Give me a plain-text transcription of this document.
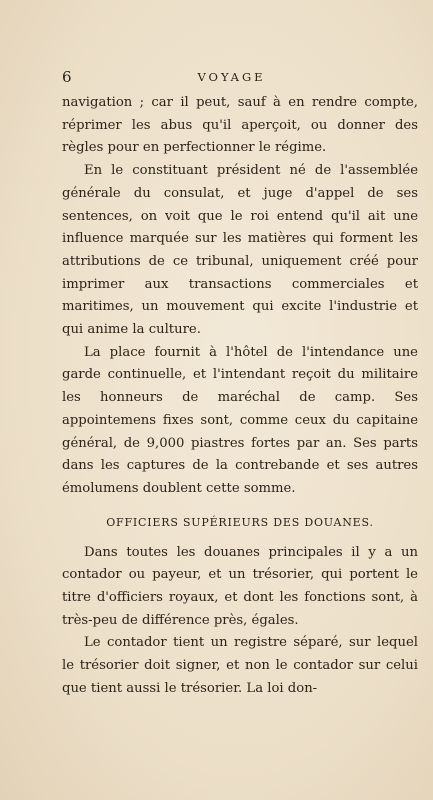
6	VOYAGE

navigation ; car il peut, sauf à en rendre compte, réprimer les abus qu'il aperçoit, ou donner des règles pour en perfectionner le régime.

En le constituant président né de l'assemblée générale du consulat, et juge d'appel de ses sentences, on voit que le roi entend qu'il ait une influence marquée sur les matières qui forment les attributions de ce tribunal, uniquement créé pour imprimer aux transactions commerciales et maritimes, un mouvement qui excite l'industrie et qui anime la culture.

La place fournit à l'hôtel de l'intendance une garde continuelle, et l'intendant reçoit du militaire les honneurs de maréchal de camp. Ses appointemens fixes sont, comme ceux du capitaine général, de 9,000 piastres fortes par an. Ses parts dans les captures de la contrebande et ses autres émolumens doublent cette somme.

OFFICIERS SUPÉRIEURS DES DOUANES.

Dans toutes les douanes principales il y a un contador ou payeur, et un trésorier, qui portent le titre d'officiers royaux, et dont les fonctions sont, à très-peu de différence près, égales.

Le contador tient un registre séparé, sur lequel le trésorier doit signer, et non le contador sur celui que tient aussi le trésorier. La loi don-
